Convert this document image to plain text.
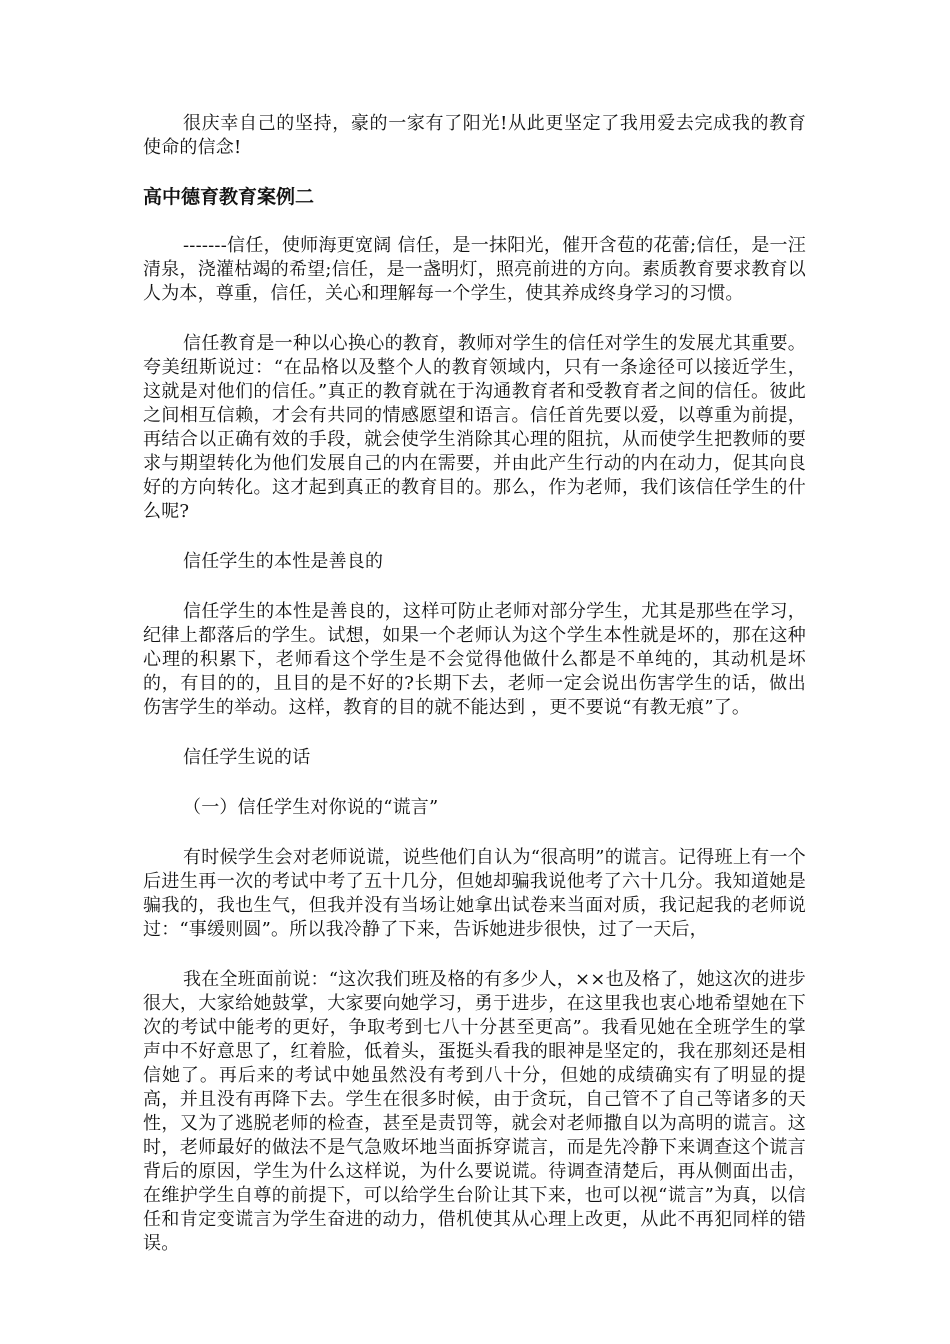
很庆幸自己的坚持，豪的一家有了阳光!从此更坚定了我用爱去完成我的教育使命的信念!

高中德育教育案例二

-------信任，使师海更宽阔 信任，是一抹阳光，催开含苞的花蕾;信任，是一汪清泉，浇灌枯竭的希望;信任，是一盏明灯，照亮前进的方向。素质教育要求教育以人为本，尊重，信任，关心和理解每一个学生，使其养成终身学习的习惯。

信任教育是一种以心换心的教育，教师对学生的信任对学生的发展尤其重要。夸美纽斯说过：“在品格以及整个人的教育领域内，只有一条途径可以接近学生，这就是对他们的信任。”真正的教育就在于沟通教育者和受教育者之间的信任。彼此之间相互信赖，才会有共同的情感愿望和语言。信任首先要以爱，以尊重为前提，再结合以正确有效的手段，就会使学生消除其心理的阻抗，从而使学生把教师的要求与期望转化为他们发展自己的内在需要，并由此产生行动的内在动力，促其向良好的方向转化。这才起到真正的教育目的。那么，作为老师，我们该信任学生的什么呢?

信任学生的本性是善良的

信任学生的本性是善良的，这样可防止老师对部分学生，尤其是那些在学习，纪律上都落后的学生。试想，如果一个老师认为这个学生本性就是坏的，那在这种心理的积累下，老师看这个学生是不会觉得他做什么都是不单纯的，其动机是坏的，有目的的，且目的是不好的?长期下去，老师一定会说出伤害学生的话，做出伤害学生的举动。这样，教育的目的就不能达到 ，更不要说“有教无痕”了。

信任学生说的话

（一）信任学生对你说的“谎言”

有时候学生会对老师说谎，说些他们自认为“很高明”的谎言。记得班上有一个后进生再一次的考试中考了五十几分，但她却骗我说他考了六十几分。我知道她是骗我的，我也生气，但我并没有当场让她拿出试卷来当面对质，我记起我的老师说过：“事缓则圆”。所以我冷静了下来，告诉她进步很快，过了一天后，

我在全班面前说：“这次我们班及格的有多少人，××也及格了，她这次的进步很大，大家给她鼓掌，大家要向她学习，勇于进步，在这里我也衷心地希望她在下次的考试中能考的更好，争取考到七八十分甚至更高”。我看见她在全班学生的掌声中不好意思了，红着脸，低着头，蛋挺头看我的眼神是坚定的，我在那刻还是相信她了。再后来的考试中她虽然没有考到八十分，但她的成绩确实有了明显的提高，并且没有再降下去。学生在很多时候，由于贪玩，自己管不了自己等诸多的天性，又为了逃脱老师的检查，甚至是责罚等，就会对老师撒自以为高明的谎言。这时，老师最好的做法不是气急败坏地当面拆穿谎言，而是先冷静下来调查这个谎言背后的原因，学生为什么这样说，为什么要说谎。待调查清楚后，再从侧面出击，在维护学生自尊的前提下，可以给学生台阶让其下来，也可以视“谎言”为真，以信任和肯定变谎言为学生奋进的动力，借机使其从心理上改更，从此不再犯同样的错误。
